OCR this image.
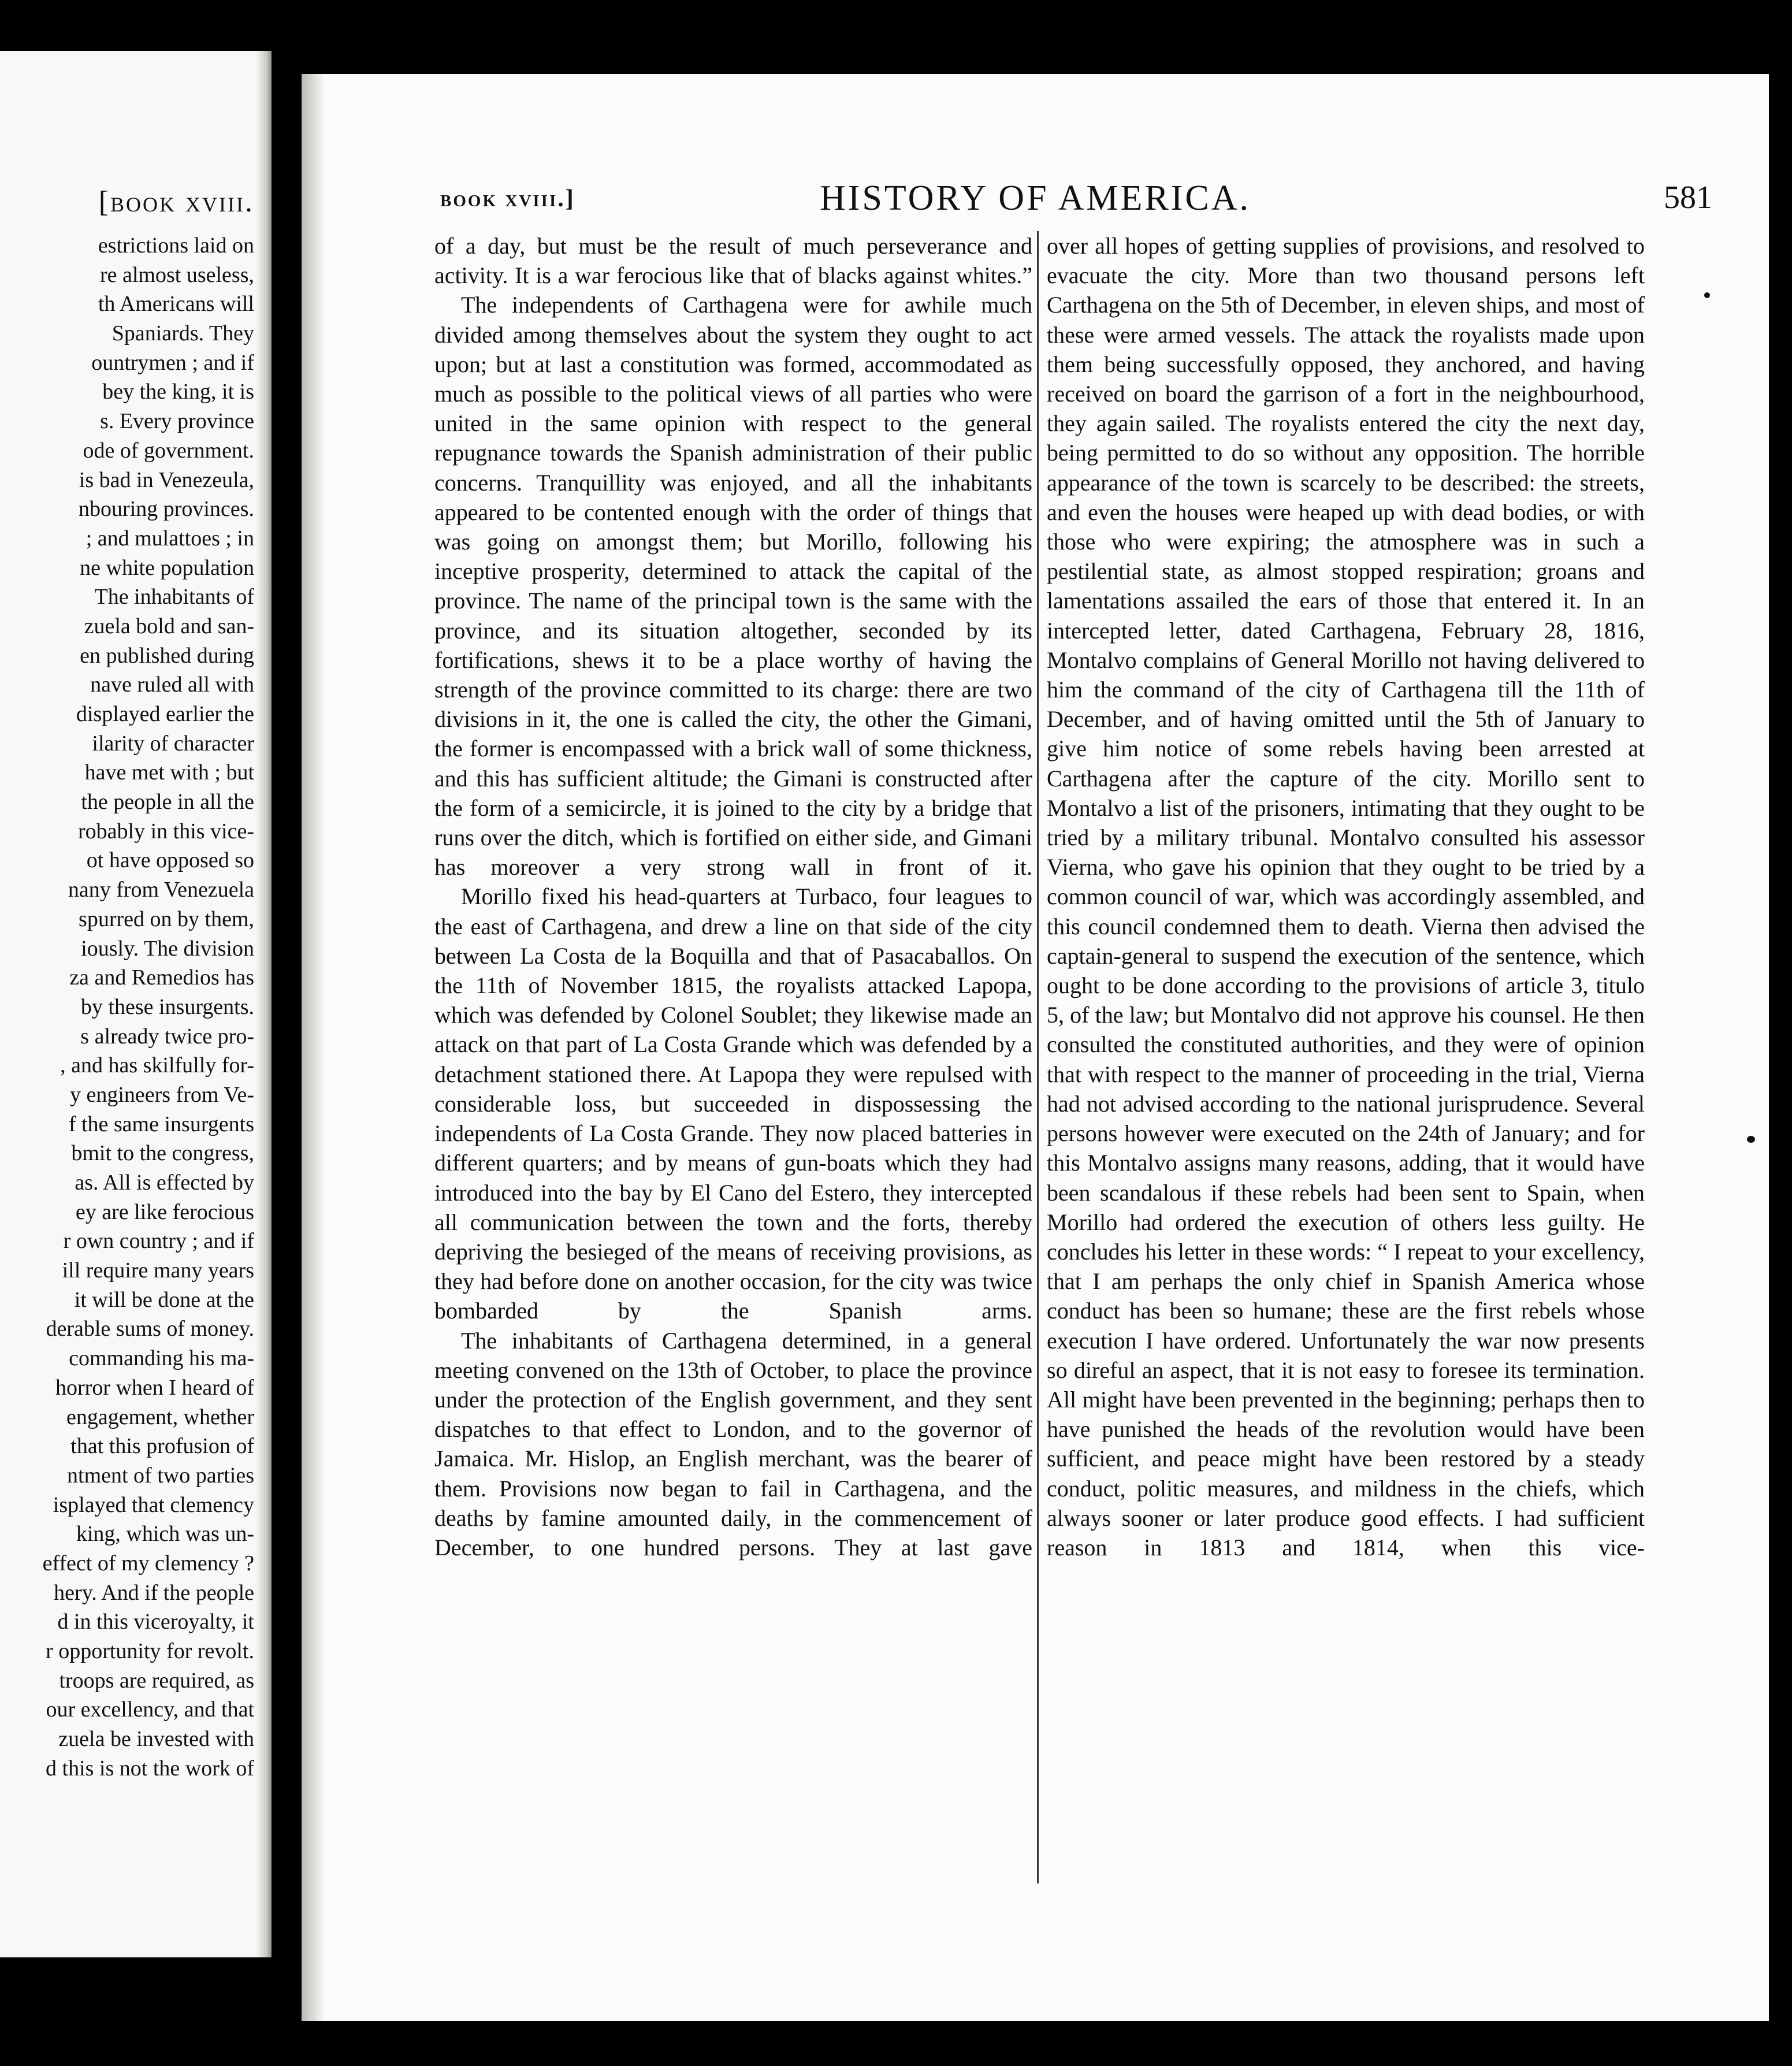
[book xviii.
estrictions laid on
re almost useless,
th Americans will
Spaniards. They
ountrymen ; and if
bey the king, it is
s. Every province
ode of government.
is bad in Venezeula,
nbouring provinces.
; and mulattoes ; in
ne white population
The inhabitants of
zuela bold and san-
en published during
nave ruled all with
displayed earlier the
ilarity of character
have met with ; but
the people in all the
robably in this vice-
ot have opposed so
nany from Venezuela
spurred on by them,
iously. The division
za and Remedios has
by these insurgents.
s already twice pro-
, and has skilfully for-
y engineers from Ve-
f the same insurgents
bmit to the congress,
as. All is effected by
ey are like ferocious
r own country ; and if
ill require many years
it will be done at the
derable sums of money.
commanding his ma-
horror when I heard of
engagement, whether
that this profusion of
ntment of two parties
isplayed that clemency
king, which was un-
effect of my clemency ?
hery. And if the people
d in this viceroyalty, it
r opportunity for revolt.
troops are required, as
our excellency, and that
zuela be invested with
d this is not the work of
book xviii.]	HISTORY OF AMERICA.	581

of a day, but must be the result of much perseverance and activity. It is a war ferocious like that of blacks against whites.”

The independents of Carthagena were for awhile much divided among themselves about the system they ought to act upon; but at last a constitution was formed, accommodated as much as possible to the political views of all parties who were united in the same opinion with respect to the general repugnance towards the Spanish administration of their public concerns. Tranquillity was enjoyed, and all the inhabitants appeared to be contented enough with the order of things that was going on amongst them; but Morillo, following his inceptive prosperity, determined to attack the capital of the province. The name of the principal town is the same with the province, and its situation altogether, seconded by its fortifications, shews it to be a place worthy of having the strength of the province committed to its charge: there are two divisions in it, the one is called the city, the other the Gimani, the former is encompassed with a brick wall of some thickness, and this has sufficient altitude; the Gimani is constructed after the form of a semicircle, it is joined to the city by a bridge that runs over the ditch, which is fortified on either side, and Gimani has moreover a very strong wall in front of it.

Morillo fixed his head-quarters at Turbaco, four leagues to the east of Carthagena, and drew a line on that side of the city between La Costa de la Boquilla and that of Pasacaballos. On the 11th of November 1815, the royalists attacked Lapopa, which was defended by Colonel Soublet; they likewise made an attack on that part of La Costa Grande which was defended by a detachment stationed there. At Lapopa they were repulsed with considerable loss, but succeeded in dispossessing the independents of La Costa Grande. They now placed batteries in different quarters; and by means of gun-boats which they had introduced into the bay by El Cano del Estero, they intercepted all communication between the town and the forts, thereby depriving the besieged of the means of receiving provisions, as they had before done on another occasion, for the city was twice bombarded by the Spanish arms.

The inhabitants of Carthagena determined, in a general meeting convened on the 13th of October, to place the province under the protection of the English government, and they sent dispatches to that effect to London, and to the governor of Jamaica. Mr. Hislop, an English merchant, was the bearer of them. Provisions now began to fail in Carthagena, and the deaths by famine amounted daily, in the commencement of December, to one hundred persons. They at last gave

over all hopes of getting supplies of provisions, and resolved to evacuate the city. More than two thousand persons left Carthagena on the 5th of December, in eleven ships, and most of these were armed vessels. The attack the royalists made upon them being successfully opposed, they anchored, and having received on board the garrison of a fort in the neighbourhood, they again sailed. The royalists entered the city the next day, being permitted to do so without any opposition. The horrible appearance of the town is scarcely to be described: the streets, and even the houses were heaped up with dead bodies, or with those who were expiring; the atmosphere was in such a pestilential state, as almost stopped respiration; groans and lamentations assailed the ears of those that entered it. In an intercepted letter, dated Carthagena, February 28, 1816, Montalvo complains of General Morillo not having delivered to him the command of the city of Carthagena till the 11th of December, and of having omitted until the 5th of January to give him notice of some rebels having been arrested at Carthagena after the capture of the city. Morillo sent to Montalvo a list of the prisoners, intimating that they ought to be tried by a military tribunal. Montalvo consulted his assessor Vierna, who gave his opinion that they ought to be tried by a common council of war, which was accordingly assembled, and this council condemned them to death. Vierna then advised the captain-general to suspend the execution of the sentence, which ought to be done according to the provisions of article 3, titulo 5, of the law; but Montalvo did not approve his counsel. He then consulted the constituted authorities, and they were of opinion that with respect to the manner of proceeding in the trial, Vierna had not advised according to the national jurisprudence. Several persons however were executed on the 24th of January; and for this Montalvo assigns many reasons, adding, that it would have been scandalous if these rebels had been sent to Spain, when Morillo had ordered the execution of others less guilty. He concludes his letter in these words: “ I repeat to your excellency, that I am perhaps the only chief in Spanish America whose conduct has been so humane; these are the first rebels whose execution I have ordered. Unfortunately the war now presents so direful an aspect, that it is not easy to foresee its termination. All might have been prevented in the beginning; perhaps then to have punished the heads of the revolution would have been sufficient, and peace might have been restored by a steady conduct, politic measures, and mildness in the chiefs, which always sooner or later produce good effects. I had sufficient reason in 1813 and 1814, when this vice-
